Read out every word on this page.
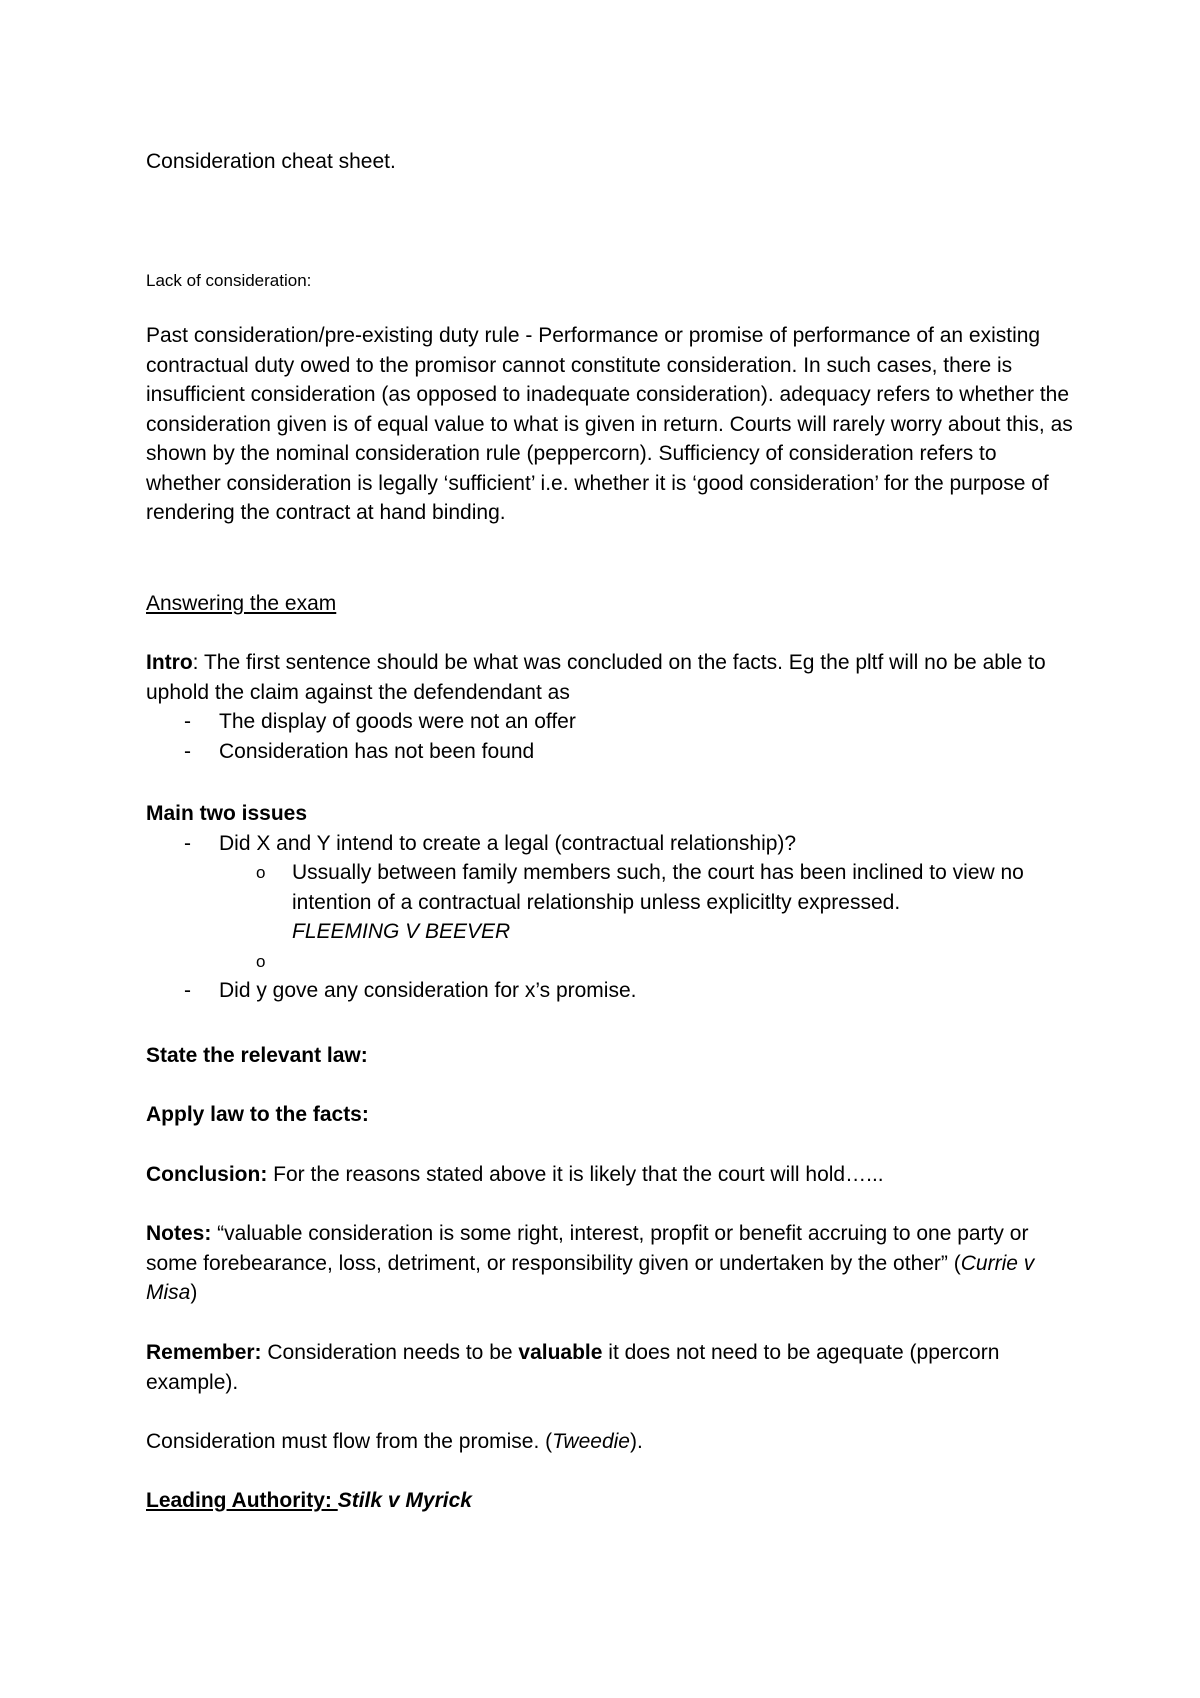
Consideration cheat sheet.
Lack of consideration:

Past consideration/pre-existing duty rule - Performance or promise of performance of an existing contractual duty owed to the promisor cannot constitute consideration. In such cases, there is insufficient consideration (as opposed to inadequate consideration). adequacy refers to whether the consideration given is of equal value to what is given in return. Courts will rarely worry about this, as shown by the nominal consideration rule (peppercorn). Sufficiency of consideration refers to whether consideration is legally ‘sufficient’ i.e. whether it is ‘good consideration’ for the purpose of rendering the contract at hand binding.

Answering the exam

Intro: The first sentence should be what was concluded on the facts. Eg the pltf will no be able to uphold the claim against the defendendant as

- The display of goods were not an offer
- Consideration has not been found

Main two issues

- Did X and Y intend to create a legal (contractual relationship)?
o Ussually between family members such, the court has been inclined to view no intention of a contractual relationship unless explicitlty expressed.
FLEEMING V BEEVER
o

- Did y gove any consideration for x’s promise.
State the relevant law:
Apply law to the facts:

Conclusion: For the reasons stated above it is likely that the court will hold…...

Notes: “valuable consideration is some right, interest, propfit or benefit accruing to one party or some forebearance, loss, detriment, or responsibility given or undertaken by the other” (Currie v Misa)

Remember: Consideration needs to be valuable it does not need to be agequate (ppercorn example).

Consideration must flow from the promise. (Tweedie).

Leading Authority: Stilk v Myrick
